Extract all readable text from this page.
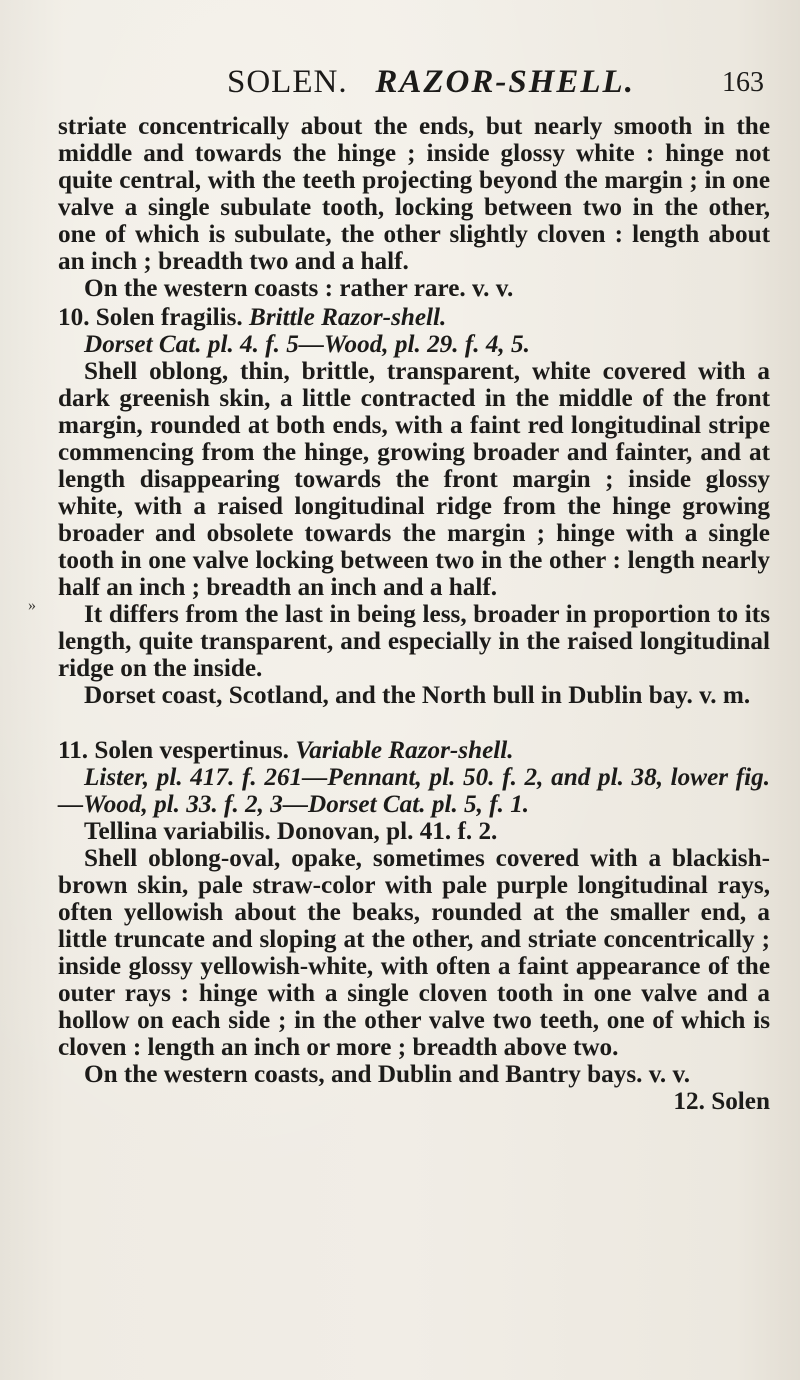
SOLEN. RAZOR-SHELL.	163
»

striate concentrically about the ends, but nearly smooth in the middle and towards the hinge ; inside glossy white : hinge not quite central, with the teeth projecting beyond the margin ; in one valve a single subulate tooth, locking between two in the other, one of which is subulate, the other slightly cloven : length about an inch ; breadth two and a half.

On the western coasts : rather rare. v. v.

10. Solen fragilis. Brittle Razor-shell.

Dorset Cat. pl. 4. f. 5—Wood, pl. 29. f. 4, 5.

Shell oblong, thin, brittle, transparent, white covered with a dark greenish skin, a little contracted in the middle of the front margin, rounded at both ends, with a faint red longitudinal stripe commencing from the hinge, growing broader and fainter, and at length disappearing towards the front margin ; inside glossy white, with a raised longitudinal ridge from the hinge growing broader and obsolete towards the margin ; hinge with a single tooth in one valve locking between two in the other : length nearly half an inch ; breadth an inch and a half.

It differs from the last in being less, broader in proportion to its length, quite transparent, and especially in the raised longitudinal ridge on the inside.

Dorset coast, Scotland, and the North bull in Dublin bay. v. m.

11. Solen vespertinus. Variable Razor-shell.

Lister, pl. 417. f. 261—Pennant, pl. 50. f. 2, and pl. 38, lower fig.—Wood, pl. 33. f. 2, 3—Dorset Cat. pl. 5, f. 1.

Tellina variabilis. Donovan, pl. 41. f. 2.

Shell oblong-oval, opake, sometimes covered with a blackish-brown skin, pale straw-color with pale purple longitudinal rays, often yellowish about the beaks, rounded at the smaller end, a little truncate and sloping at the other, and striate concentrically ; inside glossy yellowish-white, with often a faint appearance of the outer rays : hinge with a single cloven tooth in one valve and a hollow on each side ; in the other valve two teeth, one of which is cloven : length an inch or more ; breadth above two.

On the western coasts, and Dublin and Bantry bays. v. v.

12. Solen
